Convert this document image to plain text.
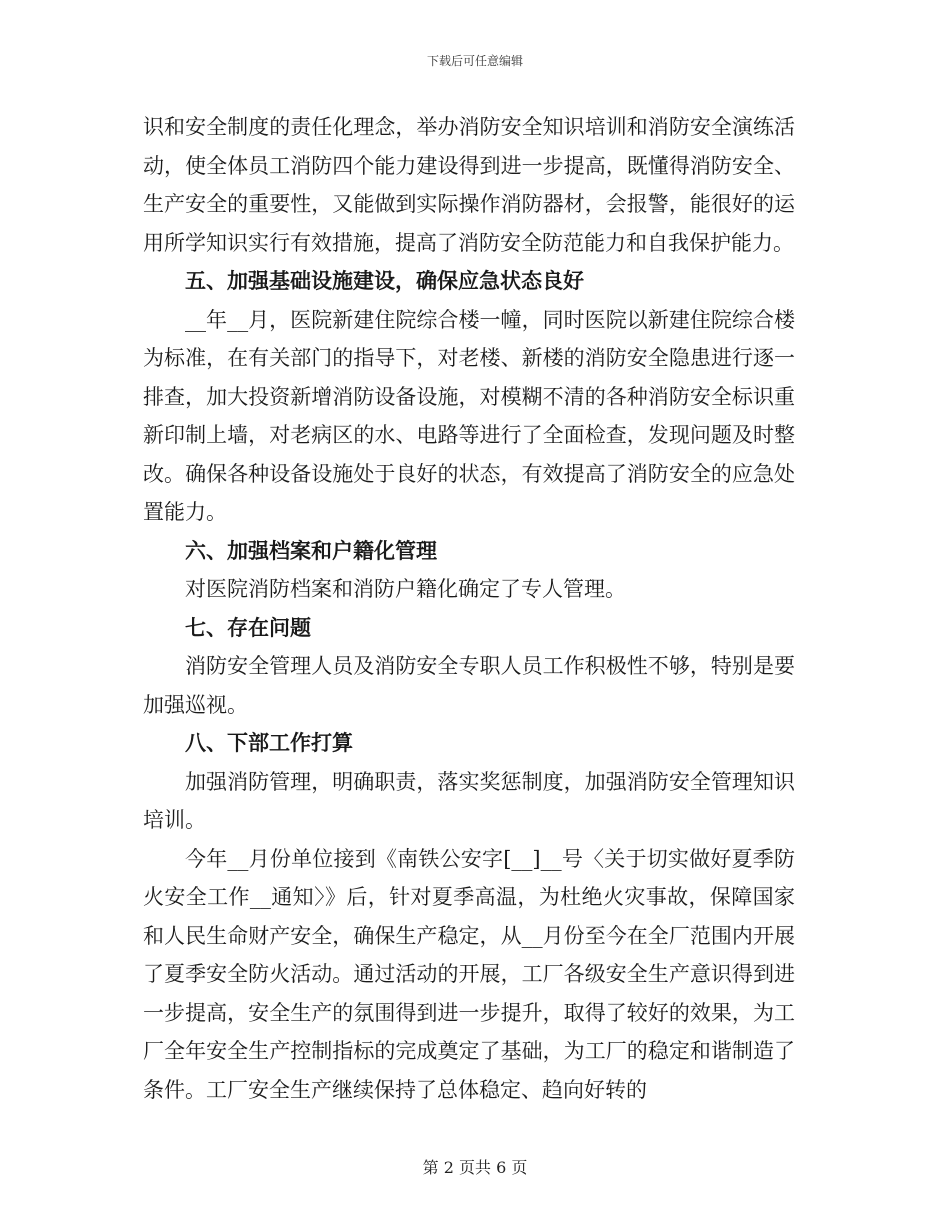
下载后可任意编辑

识和安全制度的责任化理念，举办消防安全知识培训和消防安全演练活动，使全体员工消防四个能力建设得到进一步提高，既懂得消防安全、生产安全的重要性，又能做到实际操作消防器材，会报警，能很好的运用所学知识实行有效措施，提高了消防安全防范能力和自我保护能力。

五、加强基础设施建设，确保应急状态良好

__年__月，医院新建住院综合楼一幢，同时医院以新建住院综合楼为标准，在有关部门的指导下，对老楼、新楼的消防安全隐患进行逐一排查，加大投资新增消防设备设施，对模糊不清的各种消防安全标识重新印制上墙，对老病区的水、电路等进行了全面检查，发现问题及时整改。确保各种设备设施处于良好的状态，有效提高了消防安全的应急处置能力。

六、加强档案和户籍化管理

对医院消防档案和消防户籍化确定了专人管理。

七、存在问题

消防安全管理人员及消防安全专职人员工作积极性不够，特别是要加强巡视。

八、下部工作打算

加强消防管理，明确职责，落实奖惩制度，加强消防安全管理知识培训。

今年__月份单位接到《南铁公安字[__]__号〈关于切实做好夏季防火安全工作__通知〉》后，针对夏季高温，为杜绝火灾事故，保障国家和人民生命财产安全，确保生产稳定，从__月份至今在全厂范围内开展了夏季安全防火活动。通过活动的开展，工厂各级安全生产意识得到进一步提高，安全生产的氛围得到进一步提升，取得了较好的效果，为工厂全年安全生产控制指标的完成奠定了基础，为工厂的稳定和谐制造了条件。工厂安全生产继续保持了总体稳定、趋向好转的

第 2 页共 6 页
